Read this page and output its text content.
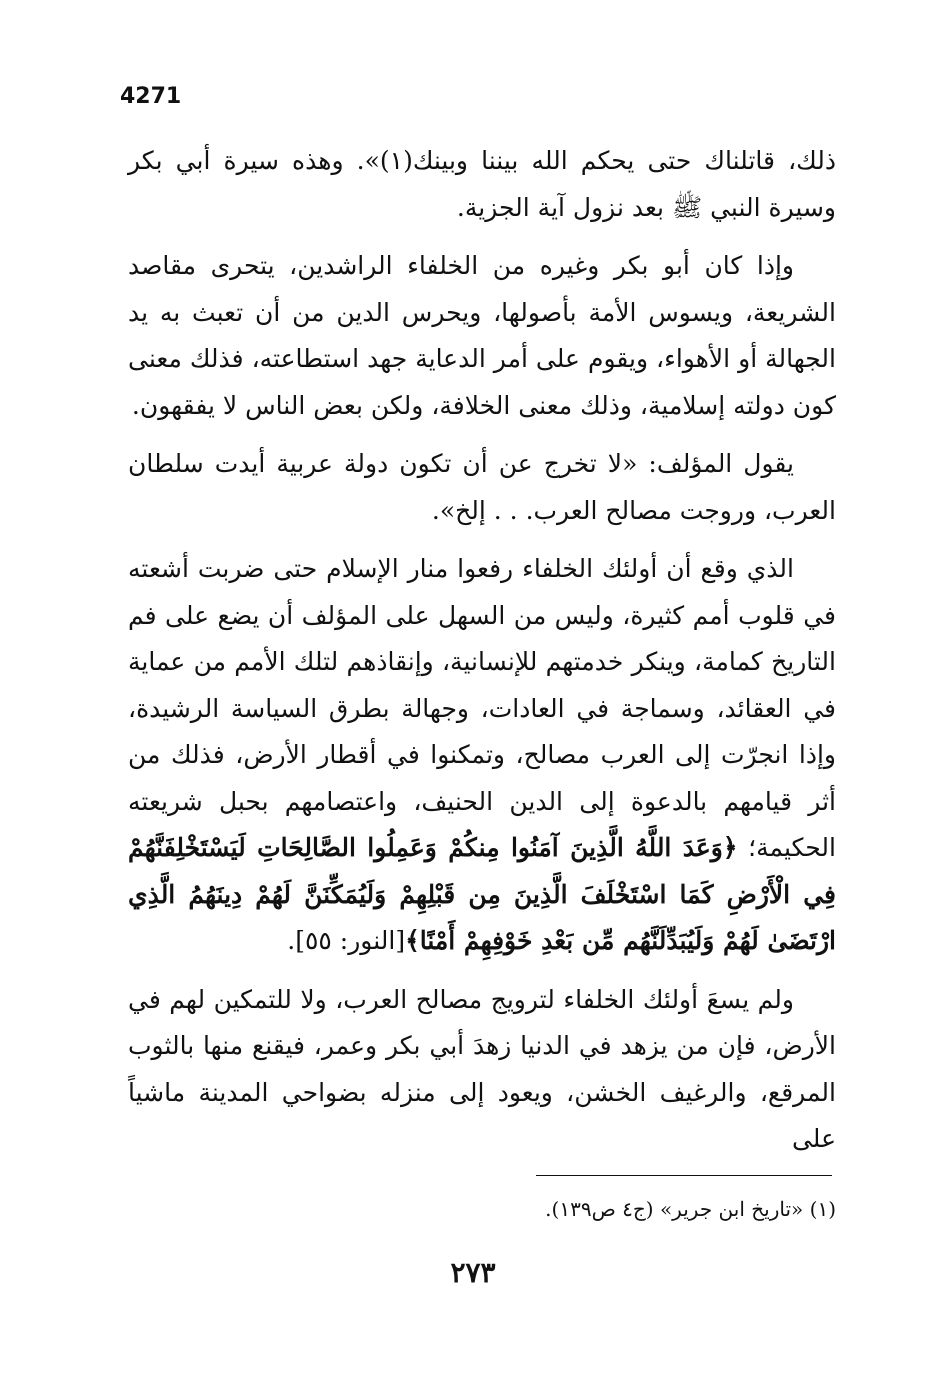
4271

ذلك، قاتلناك حتى يحكم الله بيننا وبينك(١)». وهذه سيرة أبي بكر وسيرة النبي ﷺ بعد نزول آية الجزية.

وإذا كان أبو بكر وغيره من الخلفاء الراشدين، يتحرى مقاصد الشريعة، ويسوس الأمة بأصولها، ويحرس الدين من أن تعبث به يد الجهالة أو الأهواء، ويقوم على أمر الدعاية جهد استطاعته، فذلك معنى كون دولته إسلامية، وذلك معنى الخلافة، ولكن بعض الناس لا يفقهون.

يقول المؤلف: «لا تخرج عن أن تكون دولة عربية أيدت سلطان العرب، وروجت مصالح العرب. . . إلخ».

الذي وقع أن أولئك الخلفاء رفعوا منار الإسلام حتى ضربت أشعته في قلوب أمم كثيرة، وليس من السهل على المؤلف أن يضع على فم التاريخ كمامة، وينكر خدمتهم للإنسانية، وإنقاذهم لتلك الأمم من عماية في العقائد، وسماجة في العادات، وجهالة بطرق السياسة الرشيدة، وإذا انجرّت إلى العرب مصالح، وتمكنوا في أقطار الأرض، فذلك من أثر قيامهم بالدعوة إلى الدين الحنيف، واعتصامهم بحبل شريعته الحكيمة؛ ﴿وَعَدَ اللَّهُ الَّذِينَ آمَنُوا مِنكُمْ وَعَمِلُوا الصَّالِحَاتِ لَيَسْتَخْلِفَنَّهُمْ فِي الْأَرْضِ كَمَا اسْتَخْلَفَ الَّذِينَ مِن قَبْلِهِمْ وَلَيُمَكِّنَنَّ لَهُمْ دِينَهُمُ الَّذِي ارْتَضَىٰ لَهُمْ وَلَيُبَدِّلَنَّهُم مِّن بَعْدِ خَوْفِهِمْ أَمْنًا﴾[النور: ٥٥].

ولم يسعَ أولئك الخلفاء لترويج مصالح العرب، ولا للتمكين لهم في الأرض، فإن من يزهد في الدنيا زهدَ أبي بكر وعمر، فيقنع منها بالثوب المرقع، والرغيف الخشن، ويعود إلى منزله بضواحي المدينة ماشياً على

(١) «تاريخ ابن جرير» (ج٤ ص١٣٩).

٢٧٣
